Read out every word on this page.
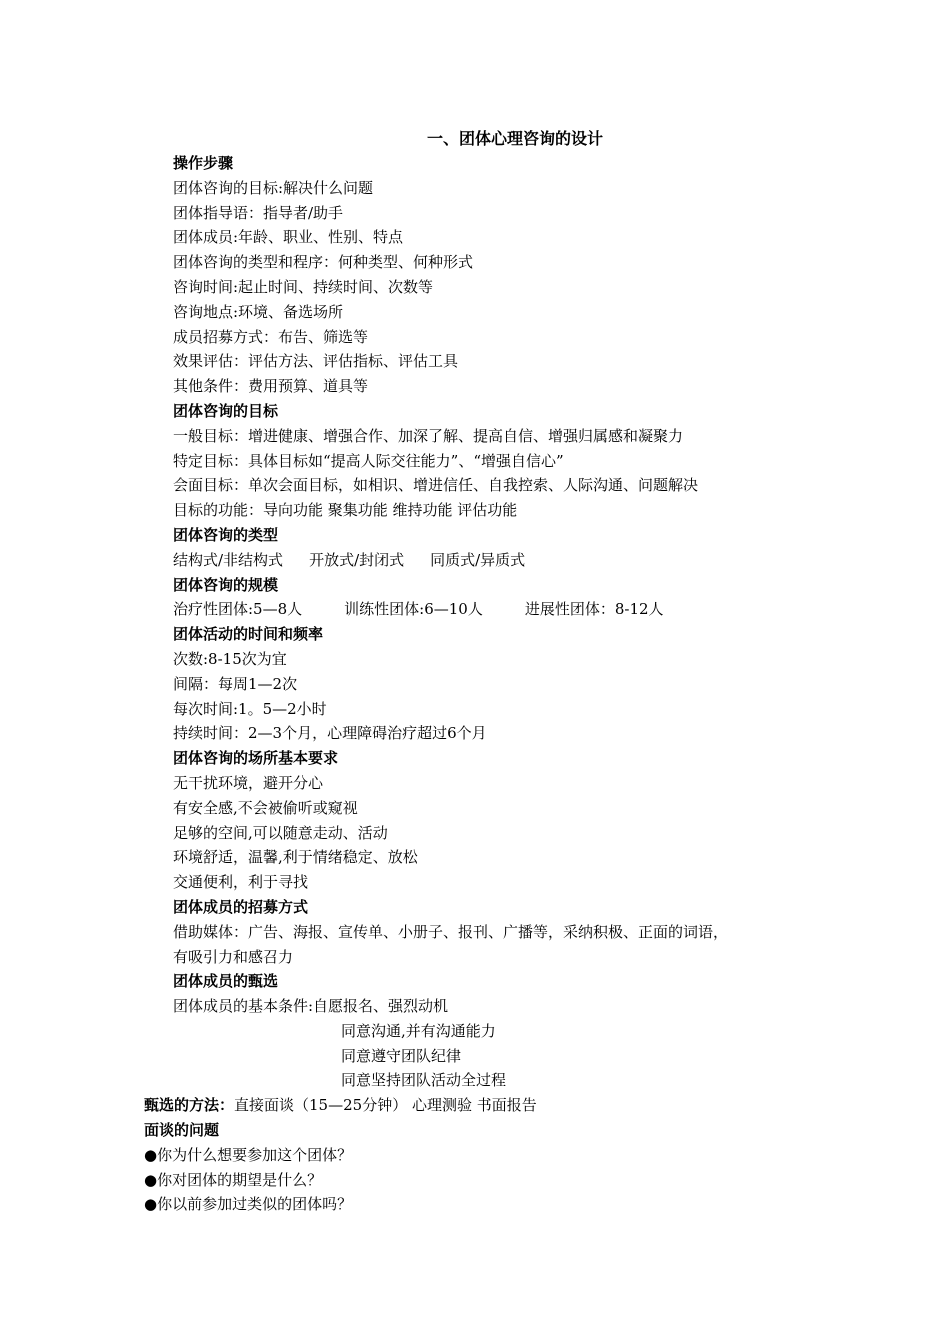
一、团体心理咨询的设计
操作步骤
团体咨询的目标:解决什么问题
团体指导语：指导者/助手
团体成员:年龄、职业、性别、特点
团体咨询的类型和程序：何种类型、何种形式
咨询时间:起止时间、持续时间、次数等
咨询地点:环境、备选场所
成员招募方式：布告、筛选等
效果评估：评估方法、评估指标、评估工具
其他条件：费用预算、道具等
团体咨询的目标
一般目标：增进健康、增强合作、加深了解、提高自信、增强归属感和凝聚力
特定目标：具体目标如“提高人际交往能力”、“增强自信心”
会面目标：单次会面目标，如相识、增进信任、自我控索、人际沟通、问题解决
目标的功能：导向功能 聚集功能 维持功能 评估功能
团体咨询的类型
结构式/非结构式 开放式/封闭式 同质式/异质式
团体咨询的规模
治疗性团体:5—8人	训练性团体:6—10人	进展性团体：8-12人
团体活动的时间和频率
次数:8-15次为宜
间隔：每周1—2次
每次时间:1。5—2小时
持续时间：2—3个月，心理障碍治疗超过6个月
团体咨询的场所基本要求
无干扰环境，避开分心
有安全感,不会被偷听或窥视
足够的空间,可以随意走动、活动
环境舒适，温馨,利于情绪稳定、放松
交通便利，利于寻找
团体成员的招募方式
借助媒体：广告、海报、宣传单、小册子、报刊、广播等，采纳积极、正面的词语，
有吸引力和感召力
团体成员的甄选
团体成员的基本条件:自愿报名、强烈动机
同意沟通,并有沟通能力
同意遵守团队纪律
同意坚持团队活动全过程
甄选的方法：直接面谈（15—25分钟） 心理测验 书面报告
面谈的问题
●你为什么想要参加这个团体？
●你对团体的期望是什么？
●你以前参加过类似的团体吗？
